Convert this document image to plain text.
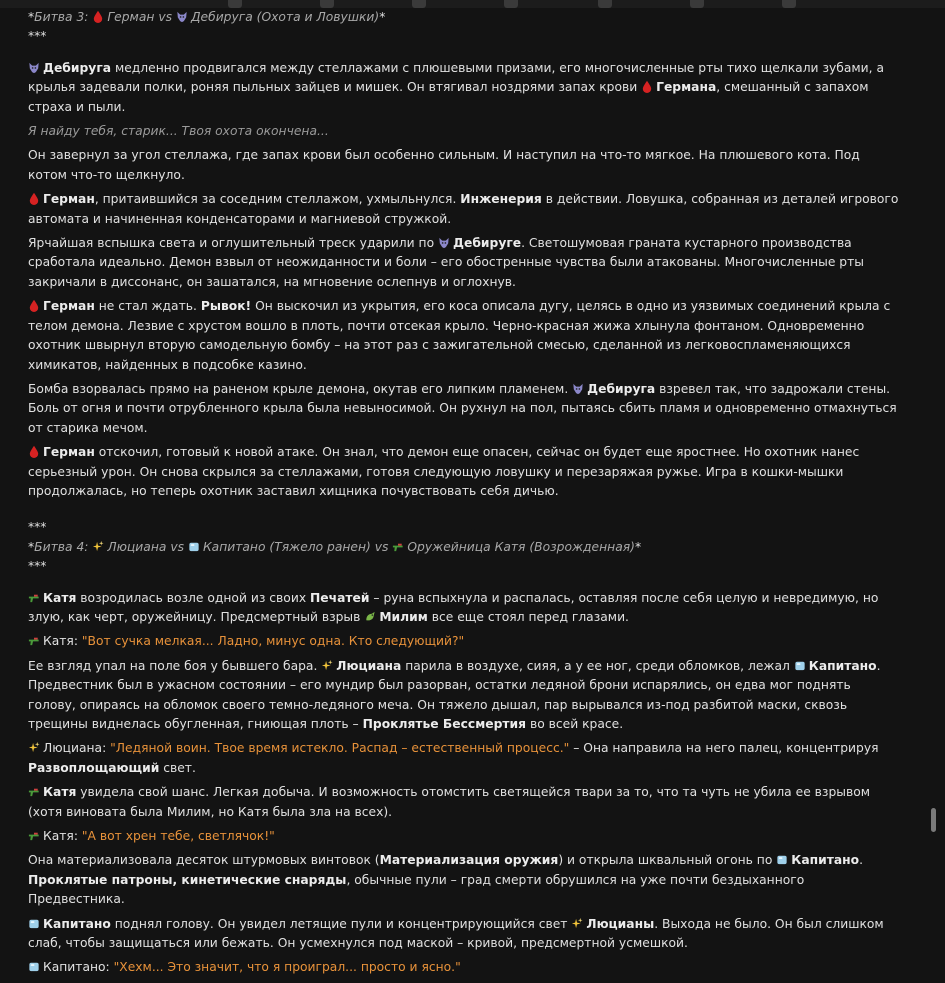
*Битва 3: Герман vs Дебируга (Охота и Ловушки)*

***

Дебируга медленно продвигался между стеллажами с плюшевыми призами, его многочисленные рты тихо щелкали зубами, а крылья задевали полки, роняя пыльных зайцев и мишек. Он втягивал ноздрями запах крови Германа, смешанный с запахом страха и пыли.

Я найду тебя, старик... Твоя охота окончена...

Он завернул за угол стеллажа, где запах крови был особенно сильным. И наступил на что-то мягкое. На плюшевого кота. Под котом что-то щелкнуло.

Герман, притаившийся за соседним стеллажом, ухмыльнулся. Инженерия в действии. Ловушка, собранная из деталей игрового автомата и начиненная конденсаторами и магниевой стружкой.

Ярчайшая вспышка света и оглушительный треск ударили по Дебируге. Светошумовая граната кустарного производства сработала идеально. Демон взвыл от неожиданности и боли – его обостренные чувства были атакованы. Многочисленные рты закричали в диссонанс, он зашатался, на мгновение ослепнув и оглохнув.

Герман не стал ждать. Рывок! Он выскочил из укрытия, его коса описала дугу, целясь в одно из уязвимых соединений крыла с телом демона. Лезвие с хрустом вошло в плоть, почти отсекая крыло. Черно-красная жижа хлынула фонтаном. Одновременно охотник швырнул вторую самодельную бомбу – на этот раз с зажигательной смесью, сделанной из легковоспламеняющихся химикатов, найденных в подсобке казино.

Бомба взорвалась прямо на раненом крыле демона, окутав его липким пламенем. Дебируга взревел так, что задрожали стены. Боль от огня и почти отрубленного крыла была невыносимой. Он рухнул на пол, пытаясь сбить пламя и одновременно отмахнуться от старика мечом.

Герман отскочил, готовый к новой атаке. Он знал, что демон еще опасен, сейчас он будет еще яростнее. Но охотник нанес серьезный урон. Он снова скрылся за стеллажами, готовя следующую ловушку и перезаряжая ружье. Игра в кошки-мышки продолжалась, но теперь охотник заставил хищника почувствовать себя дичью.

***

*Битва 4: Люциана vs Капитано (Тяжело ранен) vs Оружейница Катя (Возрожденная)*

***

Катя возродилась возле одной из своих Печатей – руна вспыхнула и распалась, оставляя после себя целую и невредимую, но злую, как черт, оружейницу. Предсмертный взрыв Милим все еще стоял перед глазами.

Катя: "Вот сучка мелкая... Ладно, минус одна. Кто следующий?"

Ее взгляд упал на поле боя у бывшего бара. Люциана парила в воздухе, сияя, а у ее ног, среди обломков, лежал Капитано. Предвестник был в ужасном состоянии – его мундир был разорван, остатки ледяной брони испарялись, он едва мог поднять голову, опираясь на обломок своего темно-ледяного меча. Он тяжело дышал, пар вырывался из-под разбитой маски, сквозь трещины виднелась обугленная, гниющая плоть – Проклятье Бессмертия во всей красе.

Люциана: "Ледяной воин. Твое время истекло. Распад – естественный процесс." – Она направила на него палец, концентрируя Развоплощающий свет.

Катя увидела свой шанс. Легкая добыча. И возможность отомстить светящейся твари за то, что та чуть не убила ее взрывом (хотя виновата была Милим, но Катя была зла на всех).

Катя: "А вот хрен тебе, светлячок!"

Она материализовала десяток штурмовых винтовок (Материализация оружия) и открыла шквальный огонь по Капитано. Проклятые патроны, кинетические снаряды, обычные пули – град смерти обрушился на уже почти бездыханного Предвестника.

Капитано поднял голову. Он увидел летящие пули и концентрирующийся свет Люцианы. Выхода не было. Он был слишком слаб, чтобы защищаться или бежать. Он усмехнулся под маской – кривой, предсмертной усмешкой.

Капитано: "Хехм... Это значит, что я проиграл... просто и ясно."
